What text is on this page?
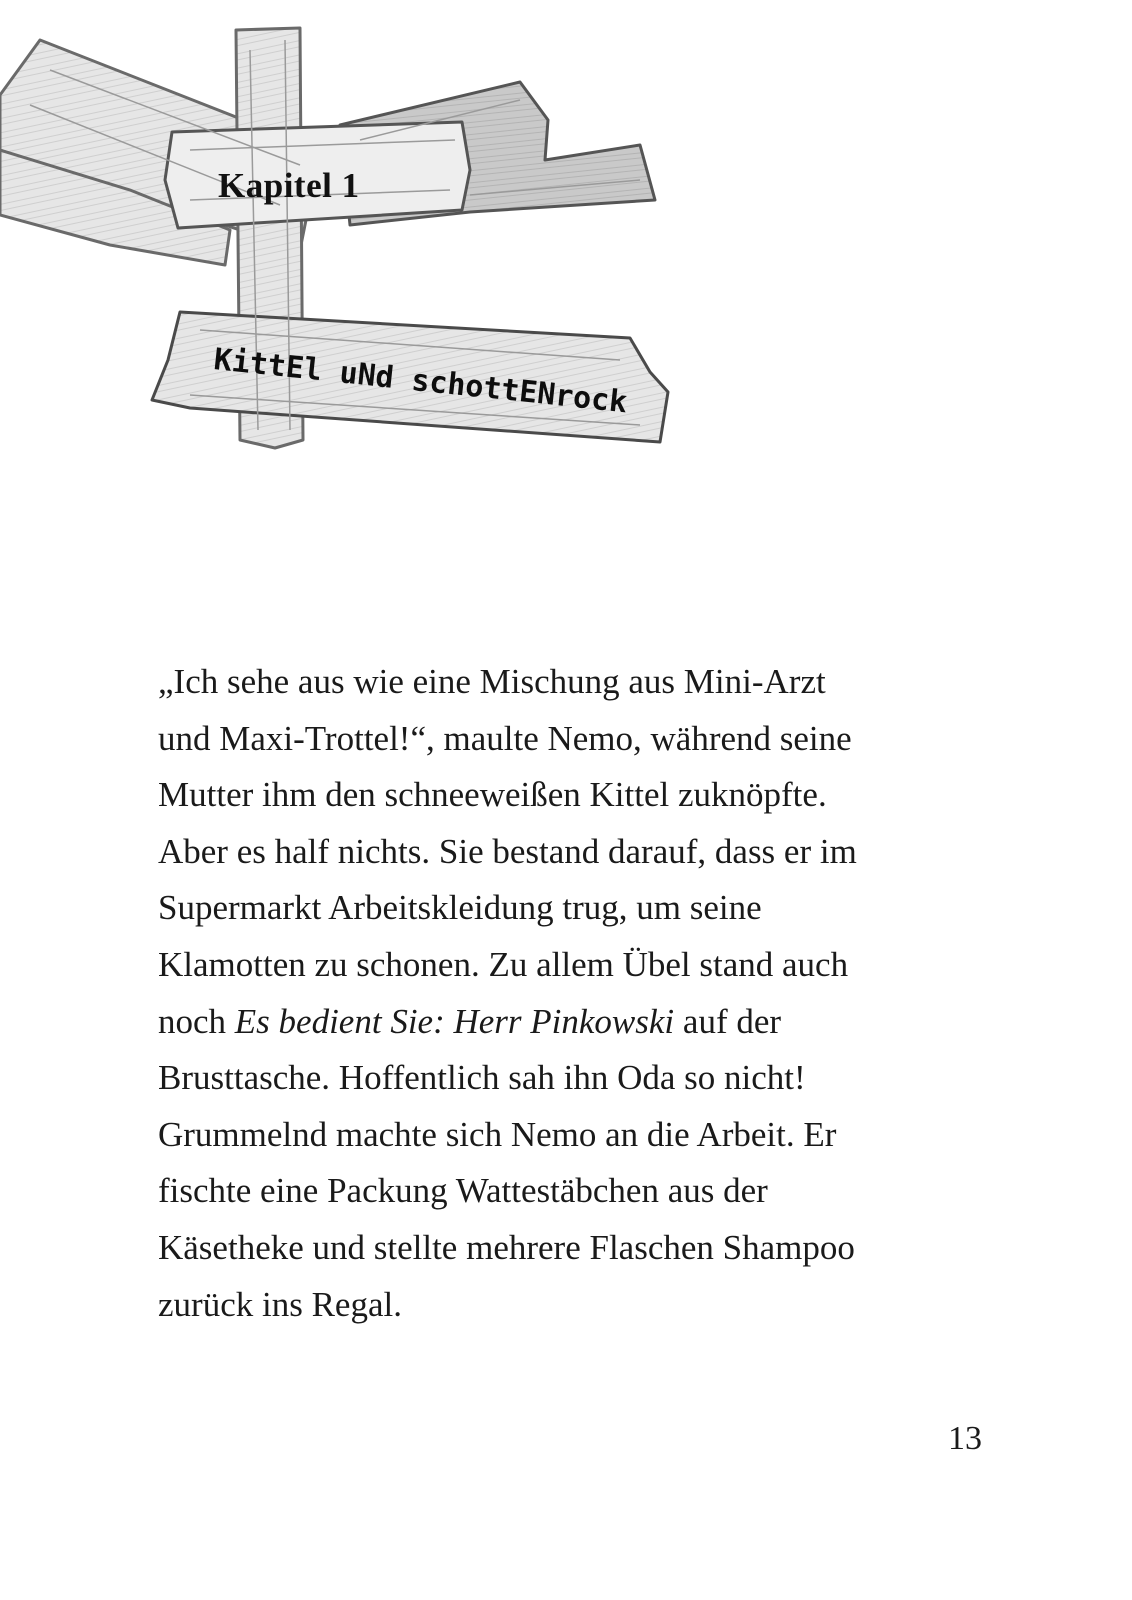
Kapitel 1
KittEl uNd schottENrock

„Ich sehe aus wie eine Mischung aus Mini-Arzt

und Maxi-Trottel!“, maulte Nemo, während seine

Mutter ihm den schneeweißen Kittel zuknöpfte.

Aber es half nichts. Sie bestand darauf, dass er im

Supermarkt Arbeitskleidung trug, um seine

Klamotten zu schonen. Zu allem Übel stand auch

noch Es bedient Sie: Herr Pinkowski auf der

Brusttasche. Hoffentlich sah ihn Oda so nicht!

Grummelnd machte sich Nemo an die Arbeit. Er

fischte eine Packung Wattestäbchen aus der

Käsetheke und stellte mehrere Flaschen Shampoo

zurück ins Regal.

13
